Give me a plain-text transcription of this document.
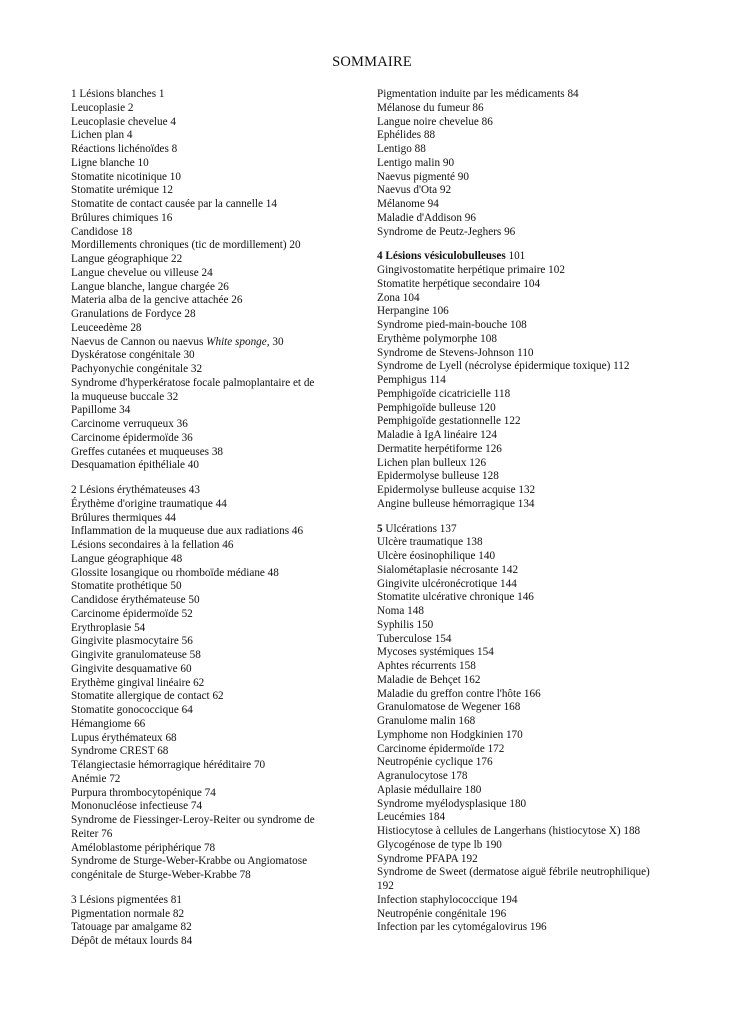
SOMMAIRE
1 Lésions blanches 1
Leucoplasie 2
Leucoplasie chevelue 4
Lichen plan 4
Réactions lichénoïdes 8
Ligne blanche 10
Stomatite nicotinique 10
Stomatite urémique 12
Stomatite de contact causée par la cannelle 14
Brûlures chimiques 16
Candidose 18
Mordillements chroniques (tic de mordillement) 20
Langue géographique 22
Langue chevelue ou villeuse 24
Langue blanche, langue chargée 26
Materia alba de la gencive attachée 26
Granulations de Fordyce 28
Leuceedème 28
Naevus de Cannon ou naevus White sponge, 30
Dyskératose congénitale 30
Pachyonychie congénitale 32
Syndrome d'hyperkératose focale palmoplantaire et de
la muqueuse buccale 32
Papillome 34
Carcinome verruqueux 36
Carcinome épidermoïde 36
Greffes cutanées et muqueuses 38
Desquamation épithéliale 40
2 Lésions érythémateuses 43
Érythème d'origine traumatique 44
Brûlures thermiques 44
Inflammation de la muqueuse due aux radiations 46
Lésions secondaires à la fellation 46
Langue géographique 48
Glossite losangique ou rhomboïde médiane 48
Stomatite prothétique 50
Candidose érythémateuse 50
Carcinome épidermoïde 52
Erythroplasie 54
Gingivite plasmocytaire 56
Gingivite granulomateuse 58
Gingivite desquamative 60
Erythème gingival linéaire 62
Stomatite allergique de contact 62
Stomatite gonococcique 64
Hémangiome 66
Lupus érythémateux 68
Syndrome CREST 68
Télangiectasie hémorragique héréditaire 70
Anémie 72
Purpura thrombocytopénique 74
Mononucléose infectieuse 74
Syndrome de Fiessinger-Leroy-Reiter ou syndrome de
Reiter 76
Améloblastome périphérique 78
Syndrome de Sturge-Weber-Krabbe ou Angiomatose
congénitale de Sturge-Weber-Krabbe 78
3 Lésions pigmentées 81
Pigmentation normale 82
Tatouage par amalgame 82
Dépôt de métaux lourds 84
Pigmentation induite par les médicaments 84
Mélanose du fumeur 86
Langue noire chevelue 86
Ephélides 88
Lentigo 88
Lentigo malin 90
Naevus pigmenté 90
Naevus d'Ota 92
Mélanome 94
Maladie d'Addison 96
Syndrome de Peutz-Jeghers 96
4 Lésions vésiculobulleuses 101
Gingivostomatite herpétique primaire 102
Stomatite herpétique secondaire 104
Zona 104
Herpangine 106
Syndrome pied-main-bouche 108
Erythème polymorphe 108
Syndrome de Stevens-Johnson 110
Syndrome de Lyell (nécrolyse épidermique toxique) 112
Pemphigus 114
Pemphigoïde cicatricielle 118
Pemphigoïde bulleuse 120
Pemphigoïde gestationnelle 122
Maladie à IgA linéaire 124
Dermatite herpétiforme 126
Lichen plan bulleux 126
Epidermolyse bulleuse 128
Epidermolyse bulleuse acquise 132
Angine bulleuse hémorragique 134
5 Ulcérations 137
Ulcère traumatique 138
Ulcère éosinophilique 140
Sialométaplasie nécrosante 142
Gingivite ulcéronécrotique 144
Stomatite ulcérative chronique 146
Noma 148
Syphilis 150
Tuberculose 154
Mycoses systémiques 154
Aphtes récurrents 158
Maladie de Behçet 162
Maladie du greffon contre l'hôte 166
Granulomatose de Wegener 168
Granulome malin 168
Lymphome non Hodgkinien 170
Carcinome épidermoïde 172
Neutropénie cyclique 176
Agranulocytose 178
Aplasie médullaire 180
Syndrome myélodysplasique 180
Leucémies 184
Histiocytose à cellules de Langerhans (histiocytose X) 188
Glycogénose de type lb 190
Syndrome PFAPA 192
Syndrome de Sweet (dermatose aiguë fébrile neutrophilique)
192
Infection staphylococcique 194
Neutropénie congénitale 196
Infection par les cytomégalovirus 196
